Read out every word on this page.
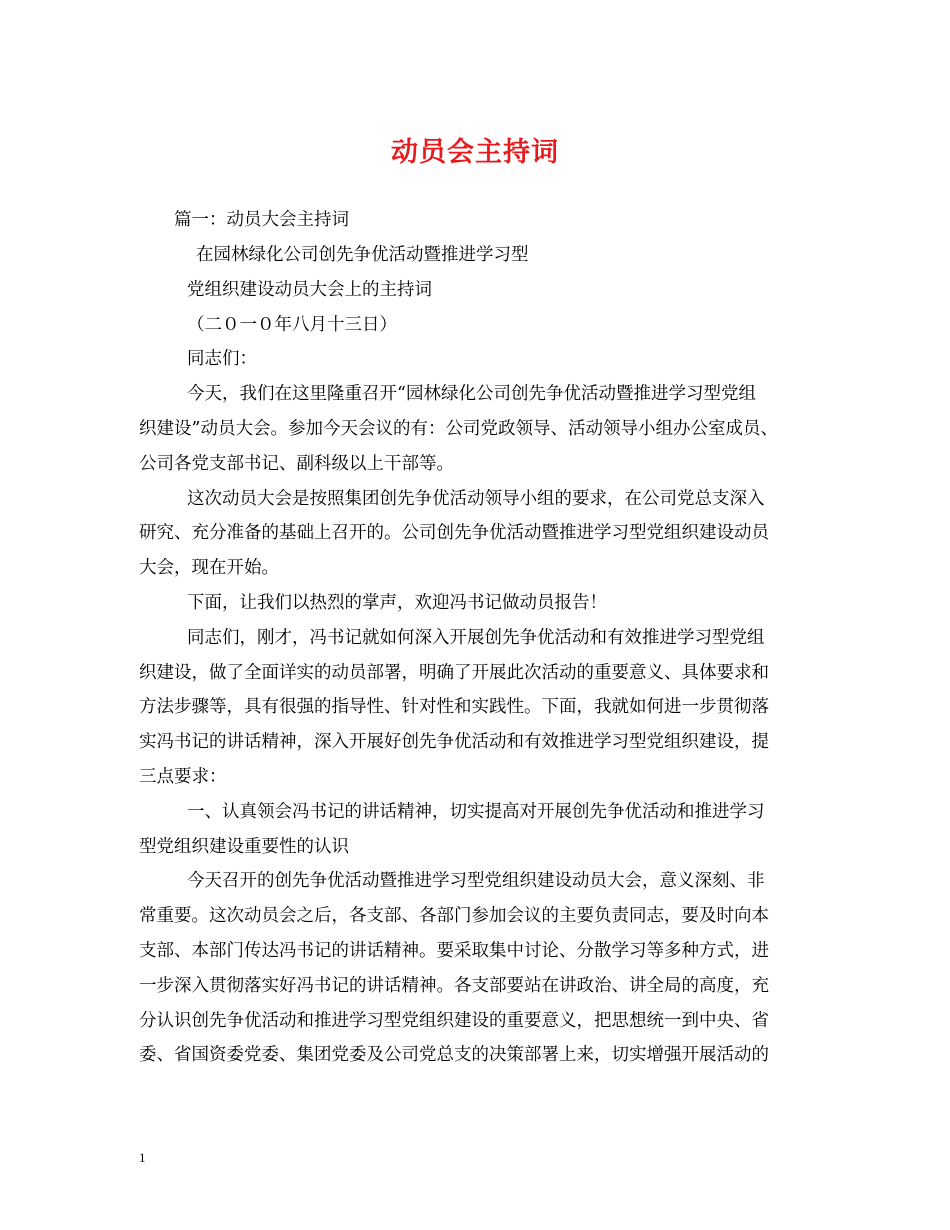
动员会主持词
篇一：动员大会主持词
在园林绿化公司创先争优活动暨推进学习型
党组织建设动员大会上的主持词
（二０一０年八月十三日）
同志们：
今天，我们在这里隆重召开“园林绿化公司创先争优活动暨推进学习型党组
织建设”动员大会。参加今天会议的有：公司党政领导、活动领导小组办公室成员、
公司各党支部书记、副科级以上干部等。
这次动员大会是按照集团创先争优活动领导小组的要求，在公司党总支深入
研究、充分准备的基础上召开的。公司创先争优活动暨推进学习型党组织建设动员
大会，现在开始。
下面，让我们以热烈的掌声，欢迎冯书记做动员报告！
同志们，刚才，冯书记就如何深入开展创先争优活动和有效推进学习型党组
织建设，做了全面详实的动员部署，明确了开展此次活动的重要意义、具体要求和
方法步骤等，具有很强的指导性、针对性和实践性。下面，我就如何进一步贯彻落
实冯书记的讲话精神，深入开展好创先争优活动和有效推进学习型党组织建设，提
三点要求：
一、认真领会冯书记的讲话精神，切实提高对开展创先争优活动和推进学习
型党组织建设重要性的认识
今天召开的创先争优活动暨推进学习型党组织建设动员大会，意义深刻、非
常重要。这次动员会之后，各支部、各部门参加会议的主要负责同志，要及时向本
支部、本部门传达冯书记的讲话精神。要采取集中讨论、分散学习等多种方式，进
一步深入贯彻落实好冯书记的讲话精神。各支部要站在讲政治、讲全局的高度，充
分认识创先争优活动和推进学习型党组织建设的重要意义，把思想统一到中央、省
委、省国资委党委、集团党委及公司党总支的决策部署上来，切实增强开展活动的
1
